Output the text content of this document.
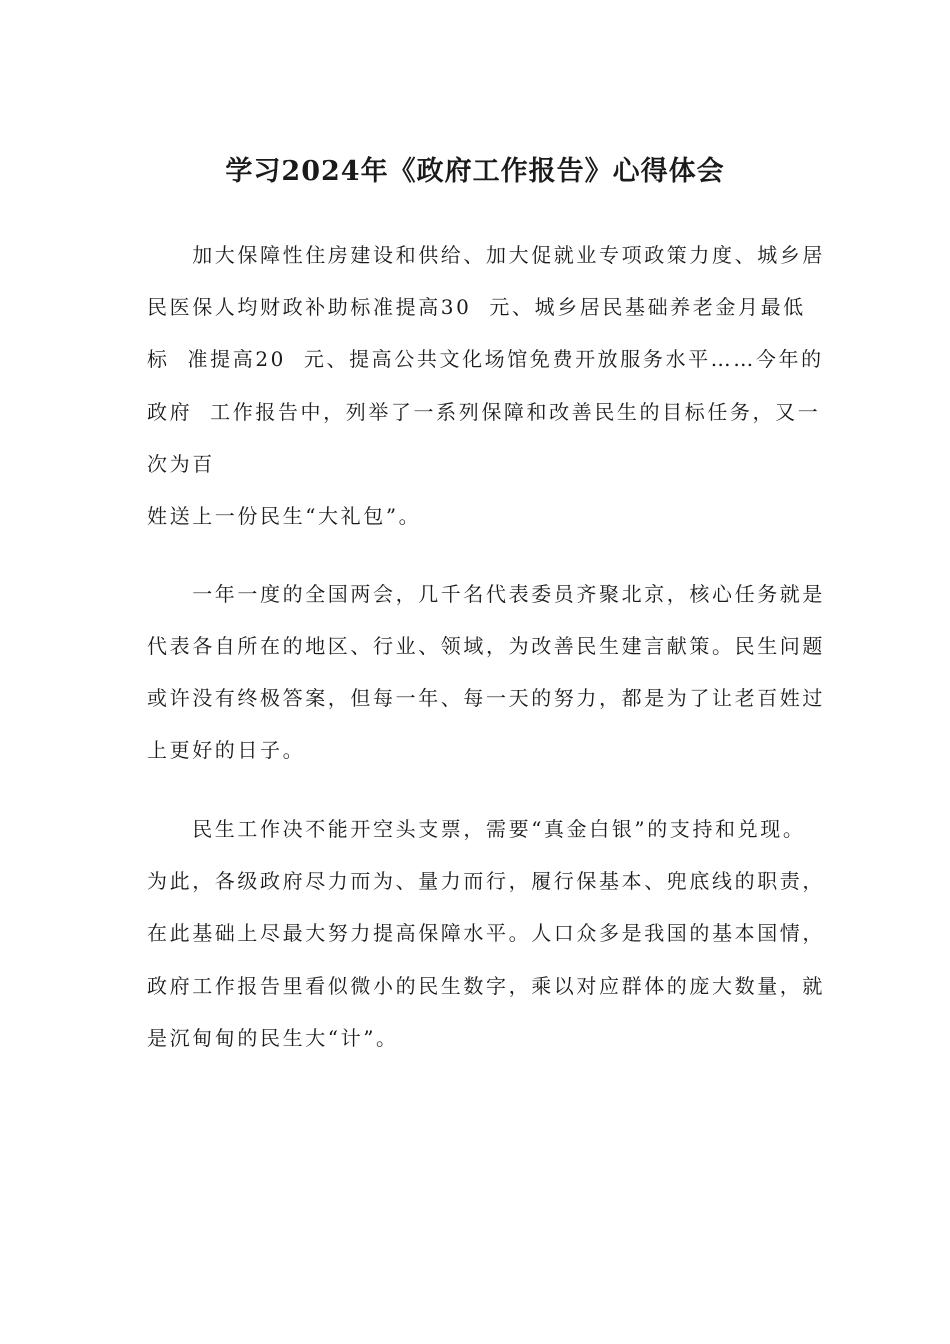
学习2024年《政府工作报告》心得体会
　　加大保障性住房建设和供给、加大促就业专项政策力度、城乡居
民医保人均财政补助标准提高30  元、城乡居民基础养老金月最低
标  准提高20  元、提高公共文化场馆免费开放服务水平……今年的
政府  工作报告中，列举了一系列保障和改善民生的目标任务，又一
次为百
姓送上一份民生“大礼包”。
　　一年一度的全国两会，几千名代表委员齐聚北京，核心任务就是
代表各自所在的地区、行业、领域，为改善民生建言献策。民生问题
或许没有终极答案，但每一年、每一天的努力，都是为了让老百姓过
上更好的日子。
　　民生工作决不能开空头支票，需要“真金白银”的支持和兑现。
为此，各级政府尽力而为、量力而行，履行保基本、兜底线的职责，
在此基础上尽最大努力提高保障水平。人口众多是我国的基本国情，
政府工作报告里看似微小的民生数字，乘以对应群体的庞大数量，就
是沉甸甸的民生大“计”。
